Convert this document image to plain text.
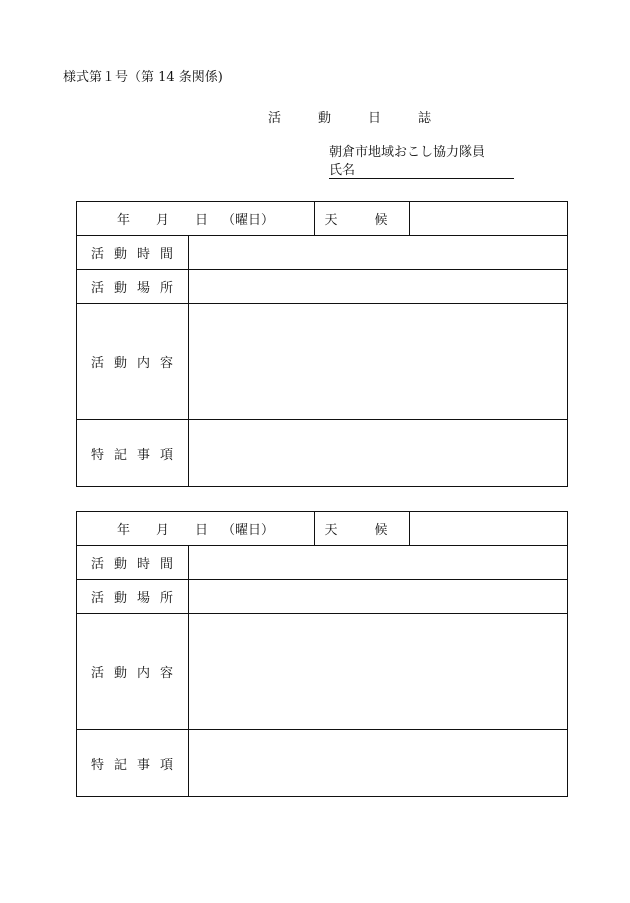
様式第１号（第 14 条関係)
活　動　日　誌
朝倉市地域おこし協力隊員
氏名
年　　月　　日 （曜日）		天　候	
活動時間			
活動場所			
活動内容			
特記事項			
年　　月　　日 （曜日）		天　候	
活動時間			
活動場所			
活動内容			
特記事項			
